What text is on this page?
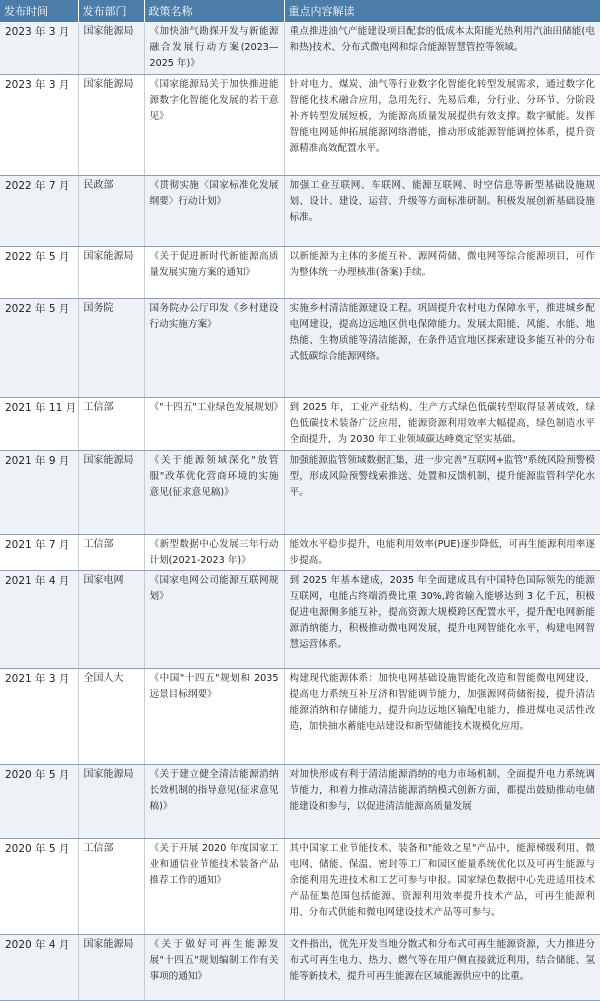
发布时间	发布部门	政策名称	重点内容解读
2023 年 3 月	国家能源局	《加快油气勘探开发与新能源融合发展行动方案(2023—2025 年)》	重点推进油气产能建设项目配套的低成本太阳能光热利用汽油田储能(电和热)技术、分布式微电网和综合能源智慧管控等领域。
2023 年 3 月	国家能源局	《国家能源局关于加快推进能源数字化智能化发展的若干意见》	针对电力、煤炭、油气等行业数字化智能化转型发展需求，通过数字化智能化技术融合应用，急用先行、先易后难，分行业、分环节、分阶段补齐转型发展短板，为能源高质量发展提供有效支撑。数字赋能。发挥智能电网延伸拓展能源网络潜能，推动形成能源智能调控体系，提升资源精准高效配置水平。
2022 年 7 月	民政部	《贯彻实施〈国家标准化发展纲要〉行动计划》	加强工业互联网、车联网、能源互联网、时空信息等新型基础设施规划、设计、建设、运营、升级等方面标准研制。积极发展创新基础设施标准。
2022 年 5 月	国家能源局	《关于促进新时代新能源高质量发展实施方案的通知》	以新能源为主体的多能互补、源网荷储、微电网等综合能源项目，可作为整体统一办理核准(备案)手续。
2022 年 5 月	国务院	国务院办公厅印发《乡村建设行动实施方案》	实施乡村清洁能源建设工程。巩固提升农村电力保障水平，推进城乡配电网建设，提高边远地区供电保障能力。发展太阳能、风能、水能、地热能、生物质能等清洁能源，在条件适宜地区探索建设多能互补的分布式低碳综合能源网络。
2021 年 11 月	工信部	《"十四五"工业绿色发展规划》	到 2025 年，工业产业结构、生产方式绿色低碳转型取得显著成效，绿色低碳技术装备广泛应用，能源资源利用效率大幅提高，绿色制造水平全面提升，为 2030 年工业领域碳达峰奠定坚实基础。
2021 年 9 月	国家能源局	《关于能源领域深化"放管服"改革优化营商环境的实施意见(征求意见稿)》	加强能源监管领域数据汇集，进一步完善"互联网+监管"系统风险预警模型，形成风险预警线索推送、处置和反馈机制，提升能源监管科学化水平。
2021 年 7 月	工信部	《新型数据中心发展三年行动计划(2021-2023 年)》	能效水平稳步提升，电能利用效率(PUE)逐步降低，可再生能源利用率逐步提高。
2021 年 4 月	国家电网	《国家电网公司能源互联网规划》	到 2025 年基本建成，2035 年全面建成具有中国特色国际领先的能源互联网，电能占终端消费比重 30%,跨省输入能够达到 3 亿千瓦，积极促进电源侧多能互补，提高资源大规模跨区配置水平，提升配电网新能源消纳能力，积极推动微电网发展，提升电网智能化水平，构建电网智慧运营体系。
2021 年 3 月	全国人大	《中国"十四五"规划和 2035 远景目标纲要》	构建现代能源体系：加快电网基础设施智能化改造和智能微电网建设，提高电力系统互补互济和智能调节能力，加强源网荷储衔接，提升清洁能源消纳和存储能力，提升向边远地区输配电能力，推进煤电灵活性改造，加快抽水蓄能电站建设和新型储能技术规模化应用。
2020 年 5 月	国家能源局	《关于建立健全清洁能源消纳长效机制的指导意见(征求意见稿)》	对加快形成有利于清洁能源消纳的电力市场机制、全面提升电力系统调节能力，和着力推动清洁能源消纳模式创新方面，都提出鼓励推动电储能建设和参与，以促进清洁能源高质量发展
2020 年 5 月	工信部	《关于开展 2020 年度国家工业和通信业节能技术装备产品推荐工作的通知》	其中国家工业节能技术、装备和"能效之星"产品中，能源梯级利用、微电网、储能、保温、密封等工厂和园区能量系统优化以及可再生能源与余能利用先进技术和工艺可参与申报。国家绿色数据中心先进适用技术产品征集范围包括能源、资源利用效率提升技术产品，可再生能源利用、分布式供能和微电网建设技术产品等可参与。
2020 年 4 月	国家能源局	《关于做好可再生能源发展"十四五"规划编制工作有关事项的通知》	文件指出，优先开发当地分散式和分布式可再生能源资源，大力推进分布式可再生电力、热力、燃气等在用户侧直接就近利用，结合储能、氢能等新技术，提升可再生能源在区域能源供应中的比重。
